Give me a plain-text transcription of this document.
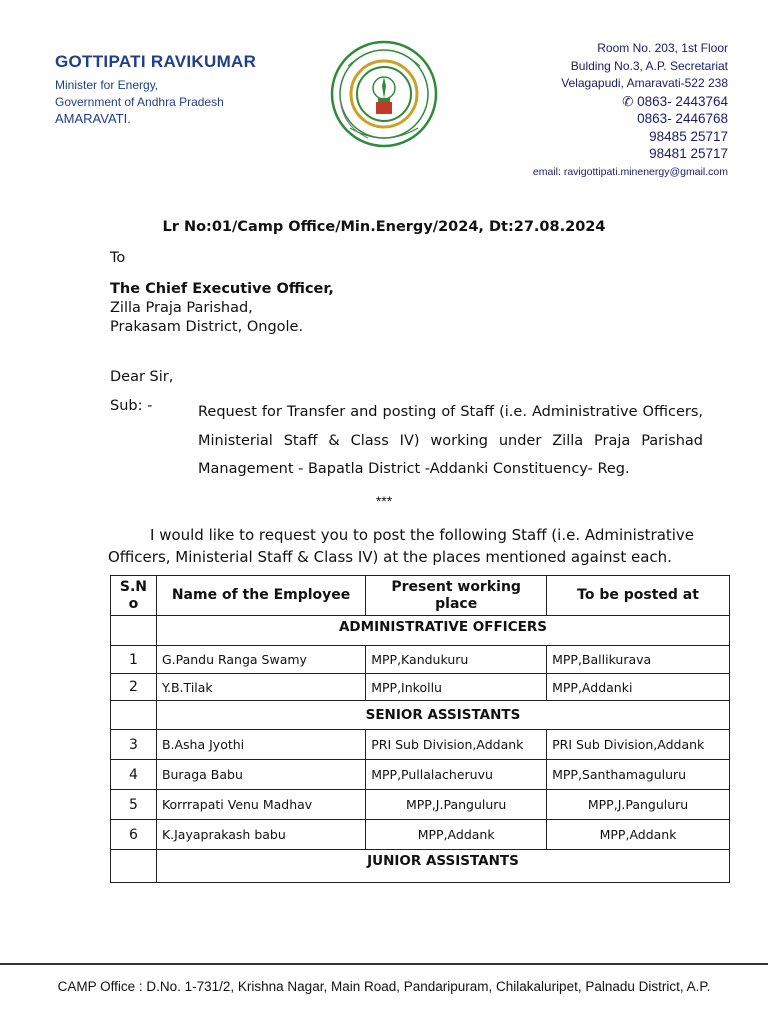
GOTTIPATI RAVIKUMAR
Minister for Energy,
Government of Andhra Pradesh
AMARAVATI.
Room No. 203, 1st Floor
Bulding No.3, A.P. Secretariat
Velagapudi, Amaravati-522 238
✆ 0863- 2443764
0863- 2446768
98485 25717
98481 25717
email: ravigottipati.minenergy@gmail.com
Lr No:01/Camp Office/Min.Energy/2024, Dt:27.08.2024
To
The Chief Executive Officer,
Zilla Praja Parishad,
Prakasam District, Ongole.
Dear Sir,
Sub: -	Request for Transfer and posting of Staff (i.e. Administrative Officers, Ministerial Staff & Class IV) working under Zilla Praja Parishad Management - Bapatla District -Addanki Constituency- Reg.
***
I would like to request you to post the following Staff (i.e. Administrative
Officers, Ministerial Staff & Class IV) at the places mentioned against each.
S.N o	Name of the Employee	Present working place	To be posted at
	ADMINISTRATIVE OFFICERS		
1	G.Pandu Ranga Swamy	MPP,Kandukuru	MPP,Ballikurava
2	Y.B.Tilak	MPP,Inkollu	MPP,Addanki
	SENIOR ASSISTANTS		
3	B.Asha Jyothi	PRI Sub Division,Addank	PRI Sub Division,Addank
4	Buraga Babu	MPP,Pullalacheruvu	MPP,Santhamaguluru
5	Korrrapati Venu Madhav	MPP,J.Panguluru	MPP,J.Panguluru
6	K.Jayaprakash babu	MPP,Addank	MPP,Addank
	JUNIOR ASSISTANTS		
CAMP Office : D.No. 1-731/2, Krishna Nagar, Main Road, Pandaripuram, Chilakaluripet, Palnadu District, A.P.
